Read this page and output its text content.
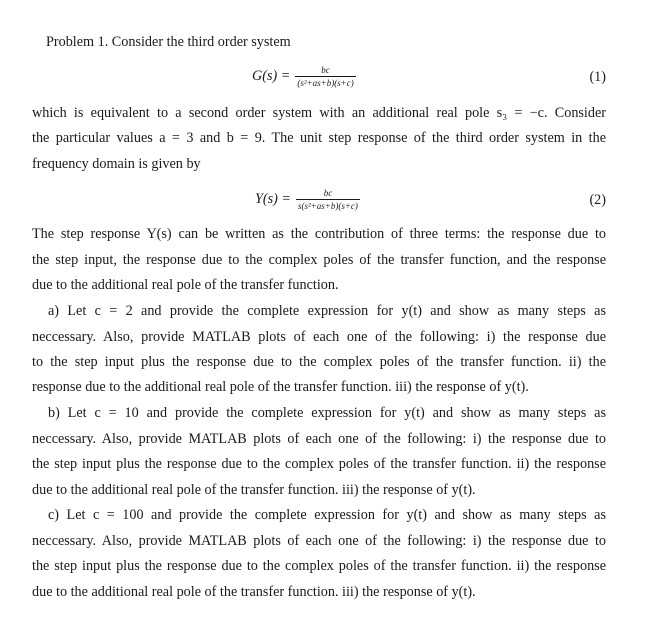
Problem 1. Consider the third order system
$G(s) = \frac{bc}{\text{(s²+as+b)(s+c)}}$	(1)
which is equivalent to a second order system with an additional real pole s₃ = −c. Consider
the particular values a = 3 and b = 9. The unit step response of the third order system in the
frequency domain is given by
$Y(s) = \frac{bc}{\text{s(s²+as+b)(s+c)}}$	(2)
The step response Y(s) can be written as the contribution of three terms: the response due to
the step input, the response due to the complex poles of the transfer function, and the response
due to the additional real pole of the transfer function.
a) Let c = 2 and provide the complete expression for y(t) and show as many steps as
neccessary. Also, provide MATLAB plots of each one of the following: i) the response due
to the step input plus the response due to the complex poles of the transfer function. ii) the
response due to the additional real pole of the transfer function. iii) the response of y(t).
b) Let c = 10 and provide the complete expression for y(t) and show as many steps as
neccessary. Also, provide MATLAB plots of each one of the following: i) the response due to
the step input plus the response due to the complex poles of the transfer function. ii) the response
due to the additional real pole of the transfer function. iii) the response of y(t).
c) Let c = 100 and provide the complete expression for y(t) and show as many steps as
neccessary. Also, provide MATLAB plots of each one of the following: i) the response due to
the step input plus the response due to the complex poles of the transfer function. ii) the response
due to the additional real pole of the transfer function. iii) the response of y(t).
